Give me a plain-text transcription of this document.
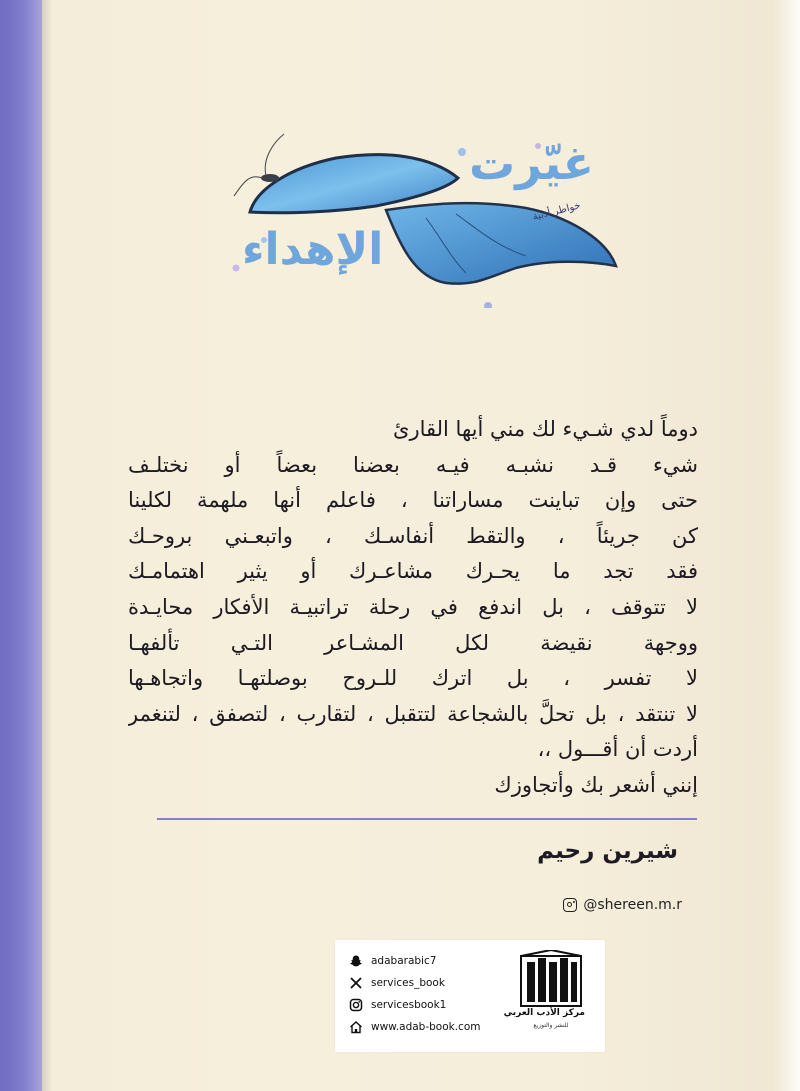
غيّرت
خواطر أدبية
الإهداء
دوماً لدي شـيء لك مني أيها القارئ
شيء قـد نشبـه فيـه بعضنا بعضاً أو نختلـف
حتى وإن تباينت مساراتنا ، فاعلم أنها ملهمة لكلينا
كن جريئاً ، والتقط أنفاسـك ، واتبعـني بروحـك
فقد تجد ما يحـرك مشاعـرك أو يثير اهتمامـك
لا تتوقف ، بل اندفع في رحلة تراتبيـة الأفكار محايـدة
ووجهة نقيضة لكل المشـاعر التـي تألفهـا
لا تفسر ، بل اترك للـروح بوصلتهـا واتجاهـها
لا تنتقد ، بل تحلَّ بالشجاعة لتتقبل ، لتقارب ، لتصفق ، لتنغمر
أردت أن أقـــول ،،
إنني أشعر بك وأتجاوزك
شيرين رحيم
@shereen.m.r
adabarabic7
services_book
servicesbook1
www.adab-book.com
مركز الأدب العربي
للنشر والتوزيع
